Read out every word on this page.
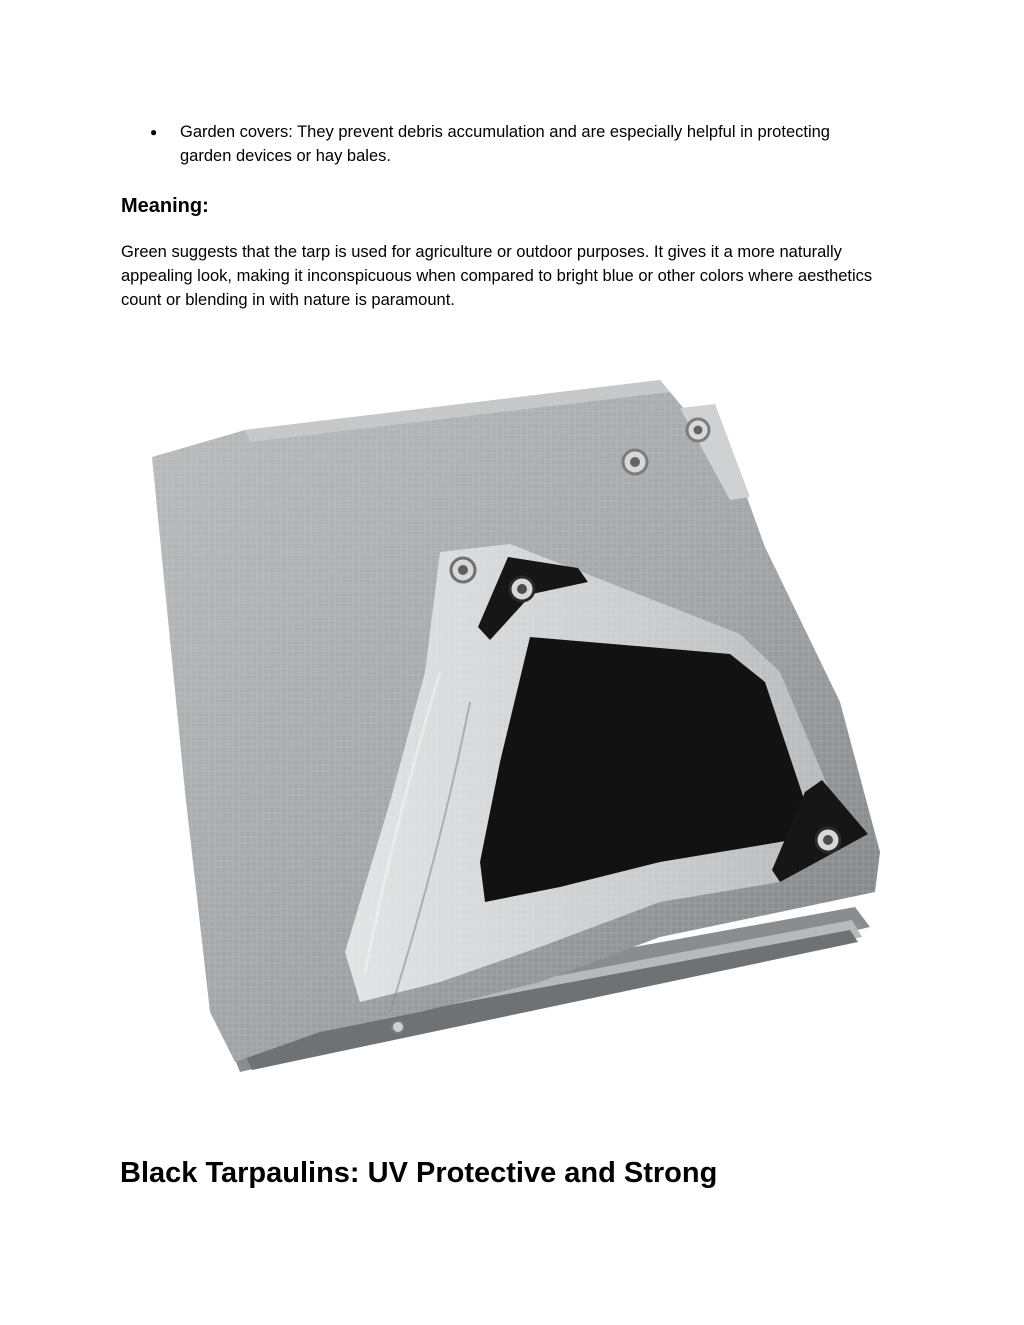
●	Garden covers: They prevent debris accumulation and are especially helpful in protecting garden devices or hay bales.
Meaning:

Green suggests that the tarp is used for agriculture or outdoor purposes. It gives it a more naturally appealing look, making it inconspicuous when compared to bright blue or other colors where aesthetics count or blending in with nature is paramount.

Black Tarpaulins: UV Protective and Strong
